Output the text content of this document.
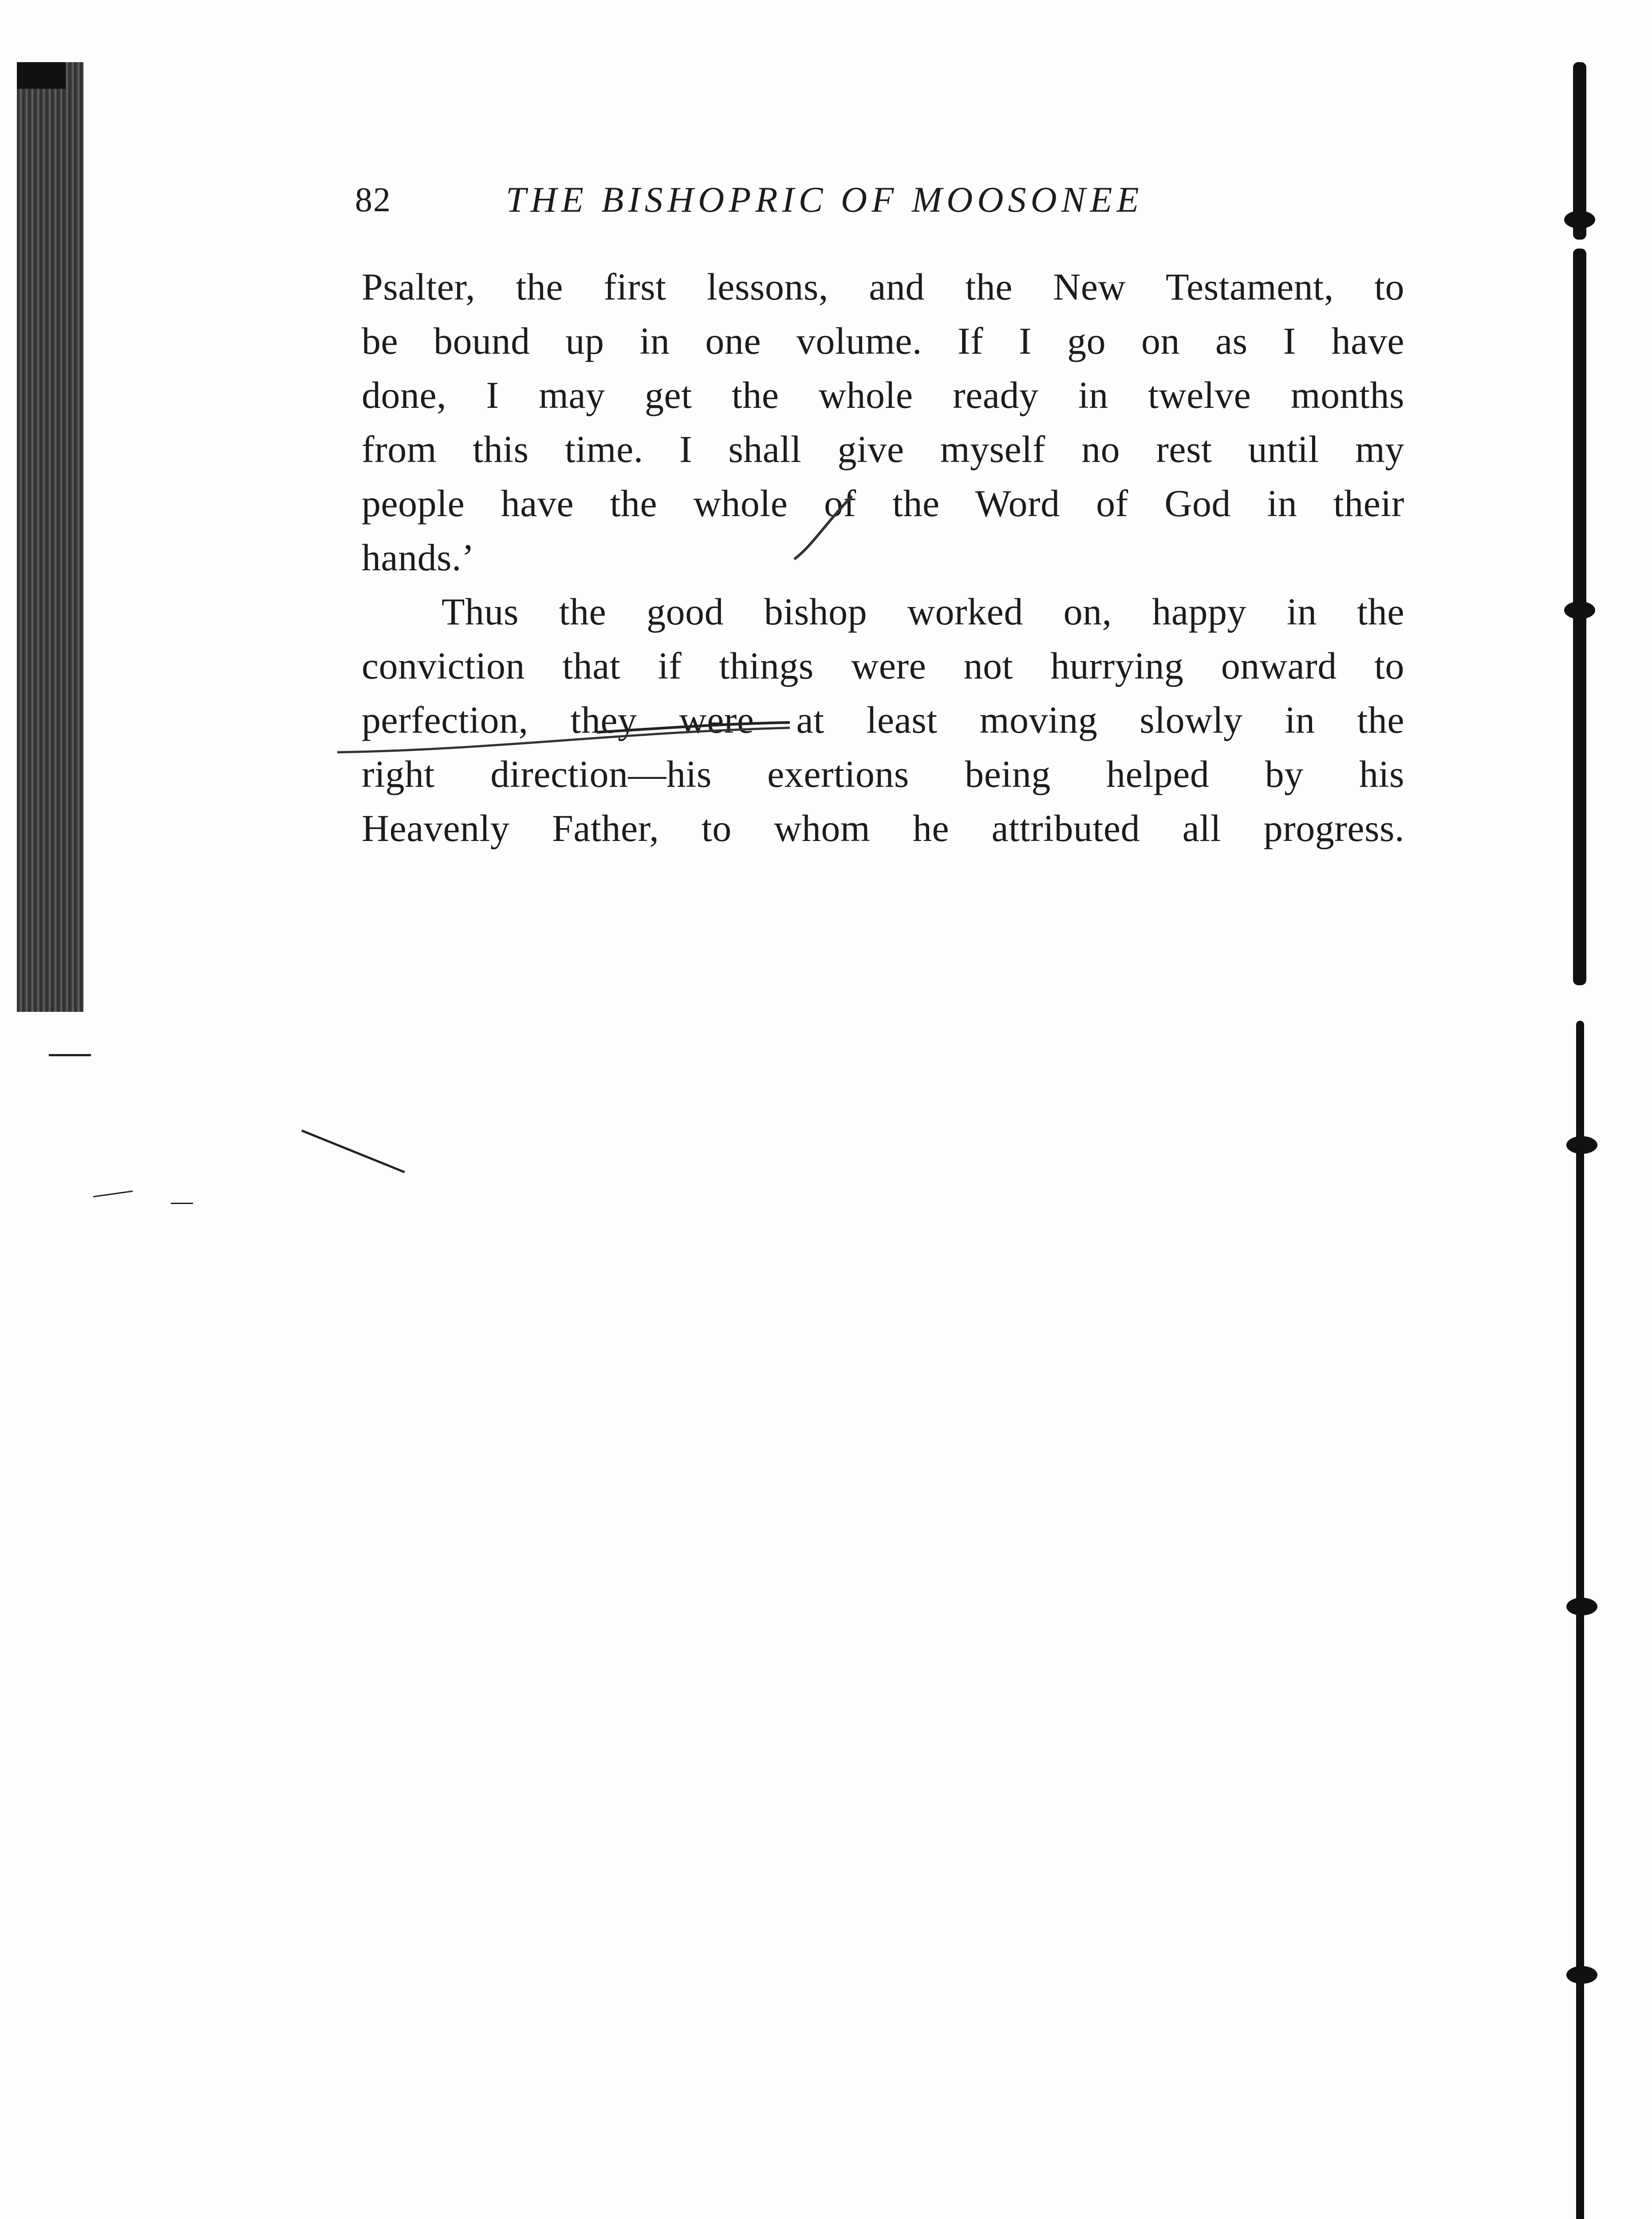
82	THE BISHOPRIC OF MOOSONEE
Psalter, the first lessons, and the New Testament, to
be bound up in one volume. If I go on as I have
done, I may get the whole ready in twelve months
from this time. I shall give myself no rest until my
people have the whole of the Word of God in their
hands.’
Thus the good bishop worked on, happy in the
conviction that if things were not hurrying onward to
perfection, they were at least moving slowly in the
right direction—his exertions being helped by his
Heavenly Father, to whom he attributed all progress.
